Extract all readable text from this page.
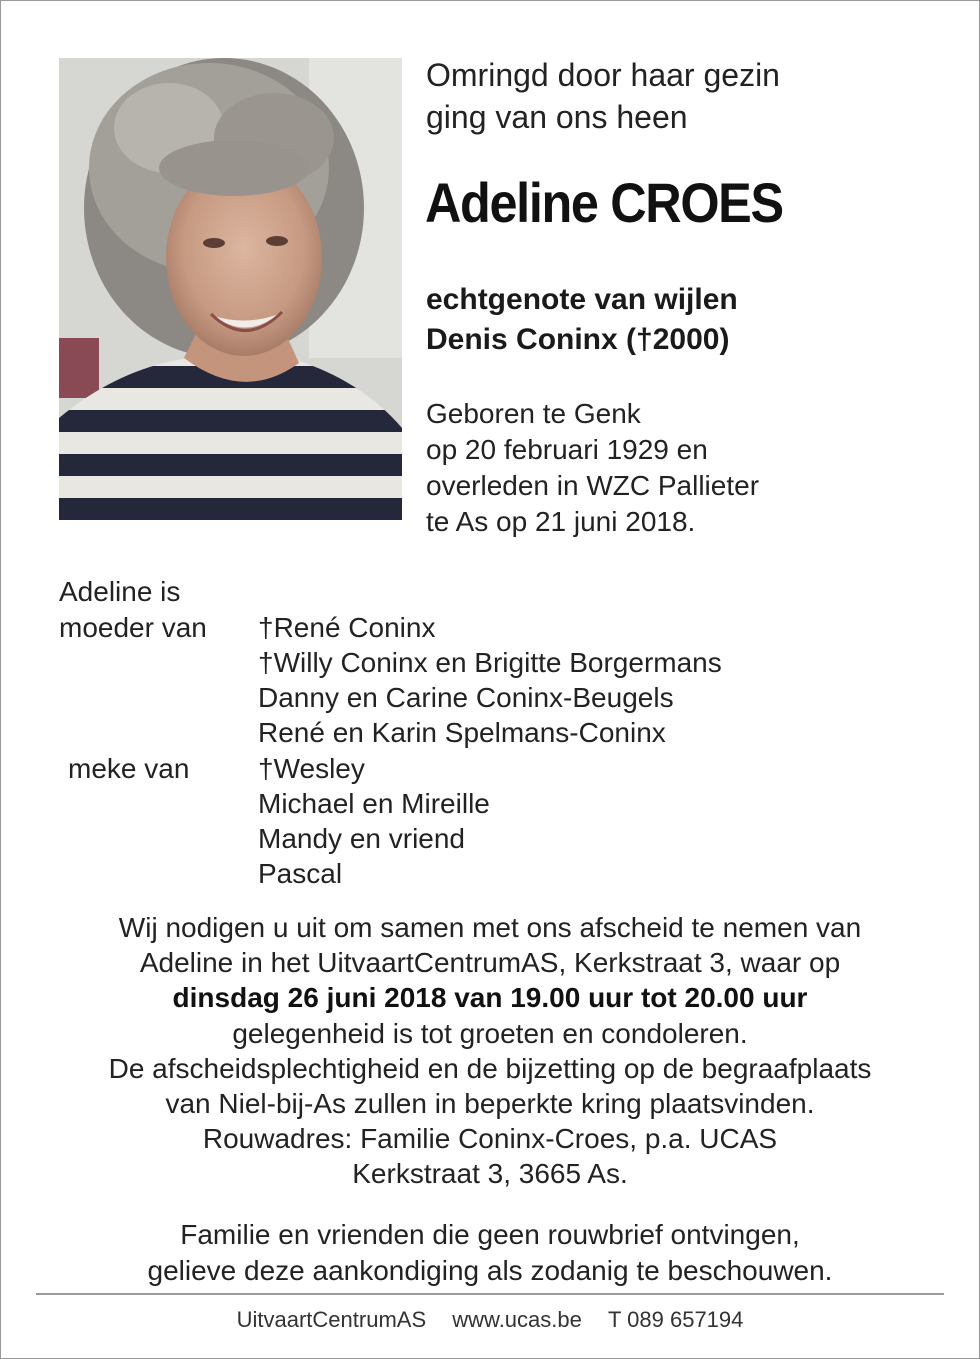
Omringd door haar gezin
ging van ons heen
Adeline CROES
echtgenote van wijlen
Denis Coninx (†2000)
Geboren te Genk
op 20 februari 1929 en
overleden in WZC Pallieter
te As op 21 juni 2018.
Adeline is
moeder van †René Coninx
†Willy Coninx en Brigitte Borgermans
Danny en Carine Coninx-Beugels
René en Karin Spelmans-Coninx
meke van †Wesley
Michael en Mireille
Mandy en vriend
Pascal
Wij nodigen u uit om samen met ons afscheid te nemen van
Adeline in het UitvaartCentrumAS, Kerkstraat 3, waar op
dinsdag 26 juni 2018 van 19.00 uur tot 20.00 uur
gelegenheid is tot groeten en condoleren.
De afscheidsplechtigheid en de bijzetting op de begraafplaats
van Niel-bij-As zullen in beperkte kring plaatsvinden.
Rouwadres: Familie Coninx-Croes, p.a. UCAS
Kerkstraat 3, 3665 As.
Familie en vrienden die geen rouwbrief ontvingen,
gelieve deze aankondiging als zodanig te beschouwen.
UitvaartCentrumAS www.ucas.be T 089 657194
